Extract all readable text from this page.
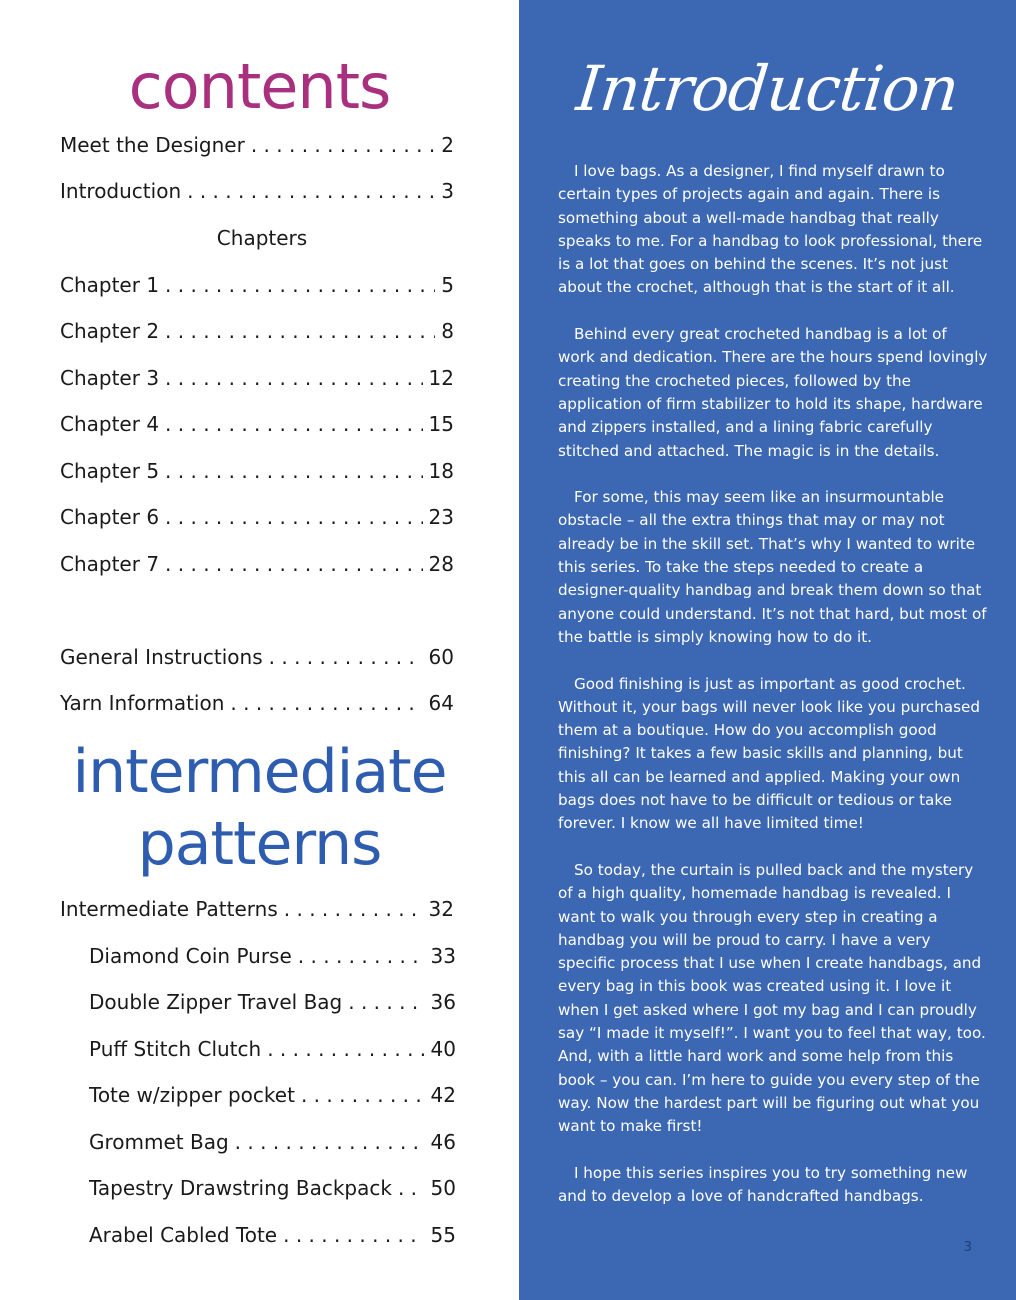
contents
Meet the Designer . . .	2
Introduction . . .	3
Chapters
Chapter 1 . . .	5
Chapter 2 . . .	8
Chapter 3 . . .	12
Chapter 4 . . .	15
Chapter 5 . . .	18
Chapter 6 . . .	23
Chapter 7 . . .	28
General Instructions . . .	60
Yarn Information . . .	64
intermediate
patterns
Intermediate Patterns . . .	32
Diamond Coin Purse . . .	33
Double Zipper Travel Bag . . .	36
Puff Stitch Clutch . . .	40
Tote w/zipper pocket . . .	42
Grommet Bag . . .	46
Tapestry Drawstring Backpack . . . 50
Arabel Cabled Tote . . .	55
Introduction

I love bags. As a designer, I find myself drawn to certain types of projects again and again. There is something about a well-made handbag that really speaks to me. For a handbag to look professional, there is a lot that goes on behind the scenes. It’s not just about the crochet, although that is the start of it all.

Behind every great crocheted handbag is a lot of work and dedication. There are the hours spend lovingly creating the crocheted pieces, followed by the application of firm stabilizer to hold its shape, hardware and zippers installed, and a lining fabric carefully stitched and attached. The magic is in the details.

For some, this may seem like an insurmountable obstacle – all the extra things that may or may not already be in the skill set. That’s why I wanted to write this series. To take the steps needed to create a designer-quality handbag and break them down so that anyone could understand. It’s not that hard, but most of the battle is simply knowing how to do it.

Good finishing is just as important as good crochet. Without it, your bags will never look like you purchased them at a boutique. How do you accomplish good finishing? It takes a few basic skills and planning, but this all can be learned and applied. Making your own bags does not have to be difficult or tedious or take forever. I know we all have limited time!

So today, the curtain is pulled back and the mystery of a high quality, homemade handbag is revealed. I want to walk you through every step in creating a handbag you will be proud to carry. I have a very specific process that I use when I create handbags, and every bag in this book was created using it. I love it when I get asked where I got my bag and I can proudly say “I made it myself!”. I want you to feel that way, too. And, with a little hard work and some help from this book – you can. I’m here to guide you every step of the way. Now the hardest part will be figuring out what you want to make first!

I hope this series inspires you to try something new and to develop a love of handcrafted handbags.

3
